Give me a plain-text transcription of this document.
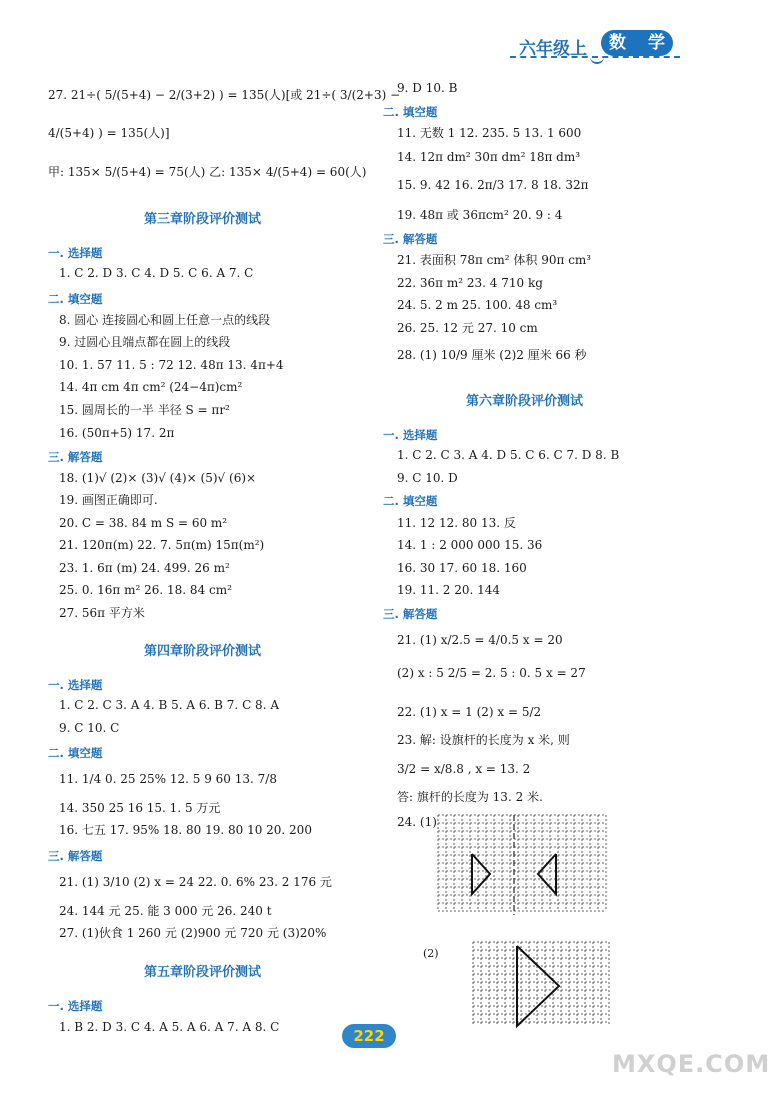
六年级上	数 学
27. 21÷( 5/(5+4) − 2/(3+2) ) = 135(人)[或 21÷( 3/(2+3) −
4/(5+4) ) = 135(人)]
甲: 135× 5/(5+4) = 75(人) 乙: 135× 4/(5+4) = 60(人)
第三章阶段评价测试
一. 选择题
1. C 2. D 3. C 4. D 5. C 6. A 7. C
二. 填空题
8. 圆心 连接圆心和圆上任意一点的线段
9. 过圆心且端点都在圆上的线段
10. 1. 57 11. 5 : 72 12. 48π 13. 4π+4
14. 4π cm 4π cm² (24−4π)cm²
15. 圆周长的一半 半径 S = πr²
16. (50π+5) 17. 2π
三. 解答题
18. (1)√ (2)× (3)√ (4)× (5)√ (6)×
19. 画图正确即可.
20. C = 38. 84 m S = 60 m²
21. 120π(m) 22. 7. 5π(m) 15π(m²)
23. 1. 6π (m) 24. 499. 26 m²
25. 0. 16π m² 26. 18. 84 cm²
27. 56π 平方米
第四章阶段评价测试
一. 选择题
1. C 2. C 3. A 4. B 5. A 6. B 7. C 8. A
9. C 10. C
二. 填空题
11. 1/4 0. 25 25% 12. 5 9 60 13. 7/8
14. 350 25 16 15. 1. 5 万元
16. 七五 17. 95% 18. 80 19. 80 10 20. 200
三. 解答题
21. (1) 3/10 (2) x = 24 22. 0. 6% 23. 2 176 元
24. 144 元 25. 能 3 000 元 26. 240 t
27. (1)伙食 1 260 元 (2)900 元 720 元 (3)20%
第五章阶段评价测试
一. 选择题
1. B 2. D 3. C 4. A 5. A 6. A 7. A 8. C
9. D 10. B
二. 填空题
11. 无数 1 12. 235. 5 13. 1 600
14. 12π dm² 30π dm² 18π dm³
15. 9. 42 16. 2π/3 17. 8 18. 32π
19. 48π 或 36πcm² 20. 9 : 4
三. 解答题
21. 表面积 78π cm² 体积 90π cm³
22. 36π m² 23. 4 710 kg
24. 5. 2 m 25. 100. 48 cm³
26. 25. 12 元 27. 10 cm
28. (1) 10/9 厘米 (2)2 厘米 66 秒
第六章阶段评价测试
一. 选择题
1. C 2. C 3. A 4. D 5. C 6. C 7. D 8. B
9. C 10. D
二. 填空题
11. 12 12. 80 13. 反
14. 1 : 2 000 000 15. 36
16. 30 17. 60 18. 160
19. 11. 2 20. 144
三. 解答题
21. (1) x/2.5 = 4/0.5 x = 20
(2) x : 5 2/5 = 2. 5 : 0. 5 x = 27
22. (1) x = 1 (2) x = 5/2
23. 解: 设旗杆的长度为 x 米, 则
3/2 = x/8.8 , x = 13. 2
答: 旗杆的长度为 13. 2 米.
24. (1)
(2)
222
MXQE.COM
